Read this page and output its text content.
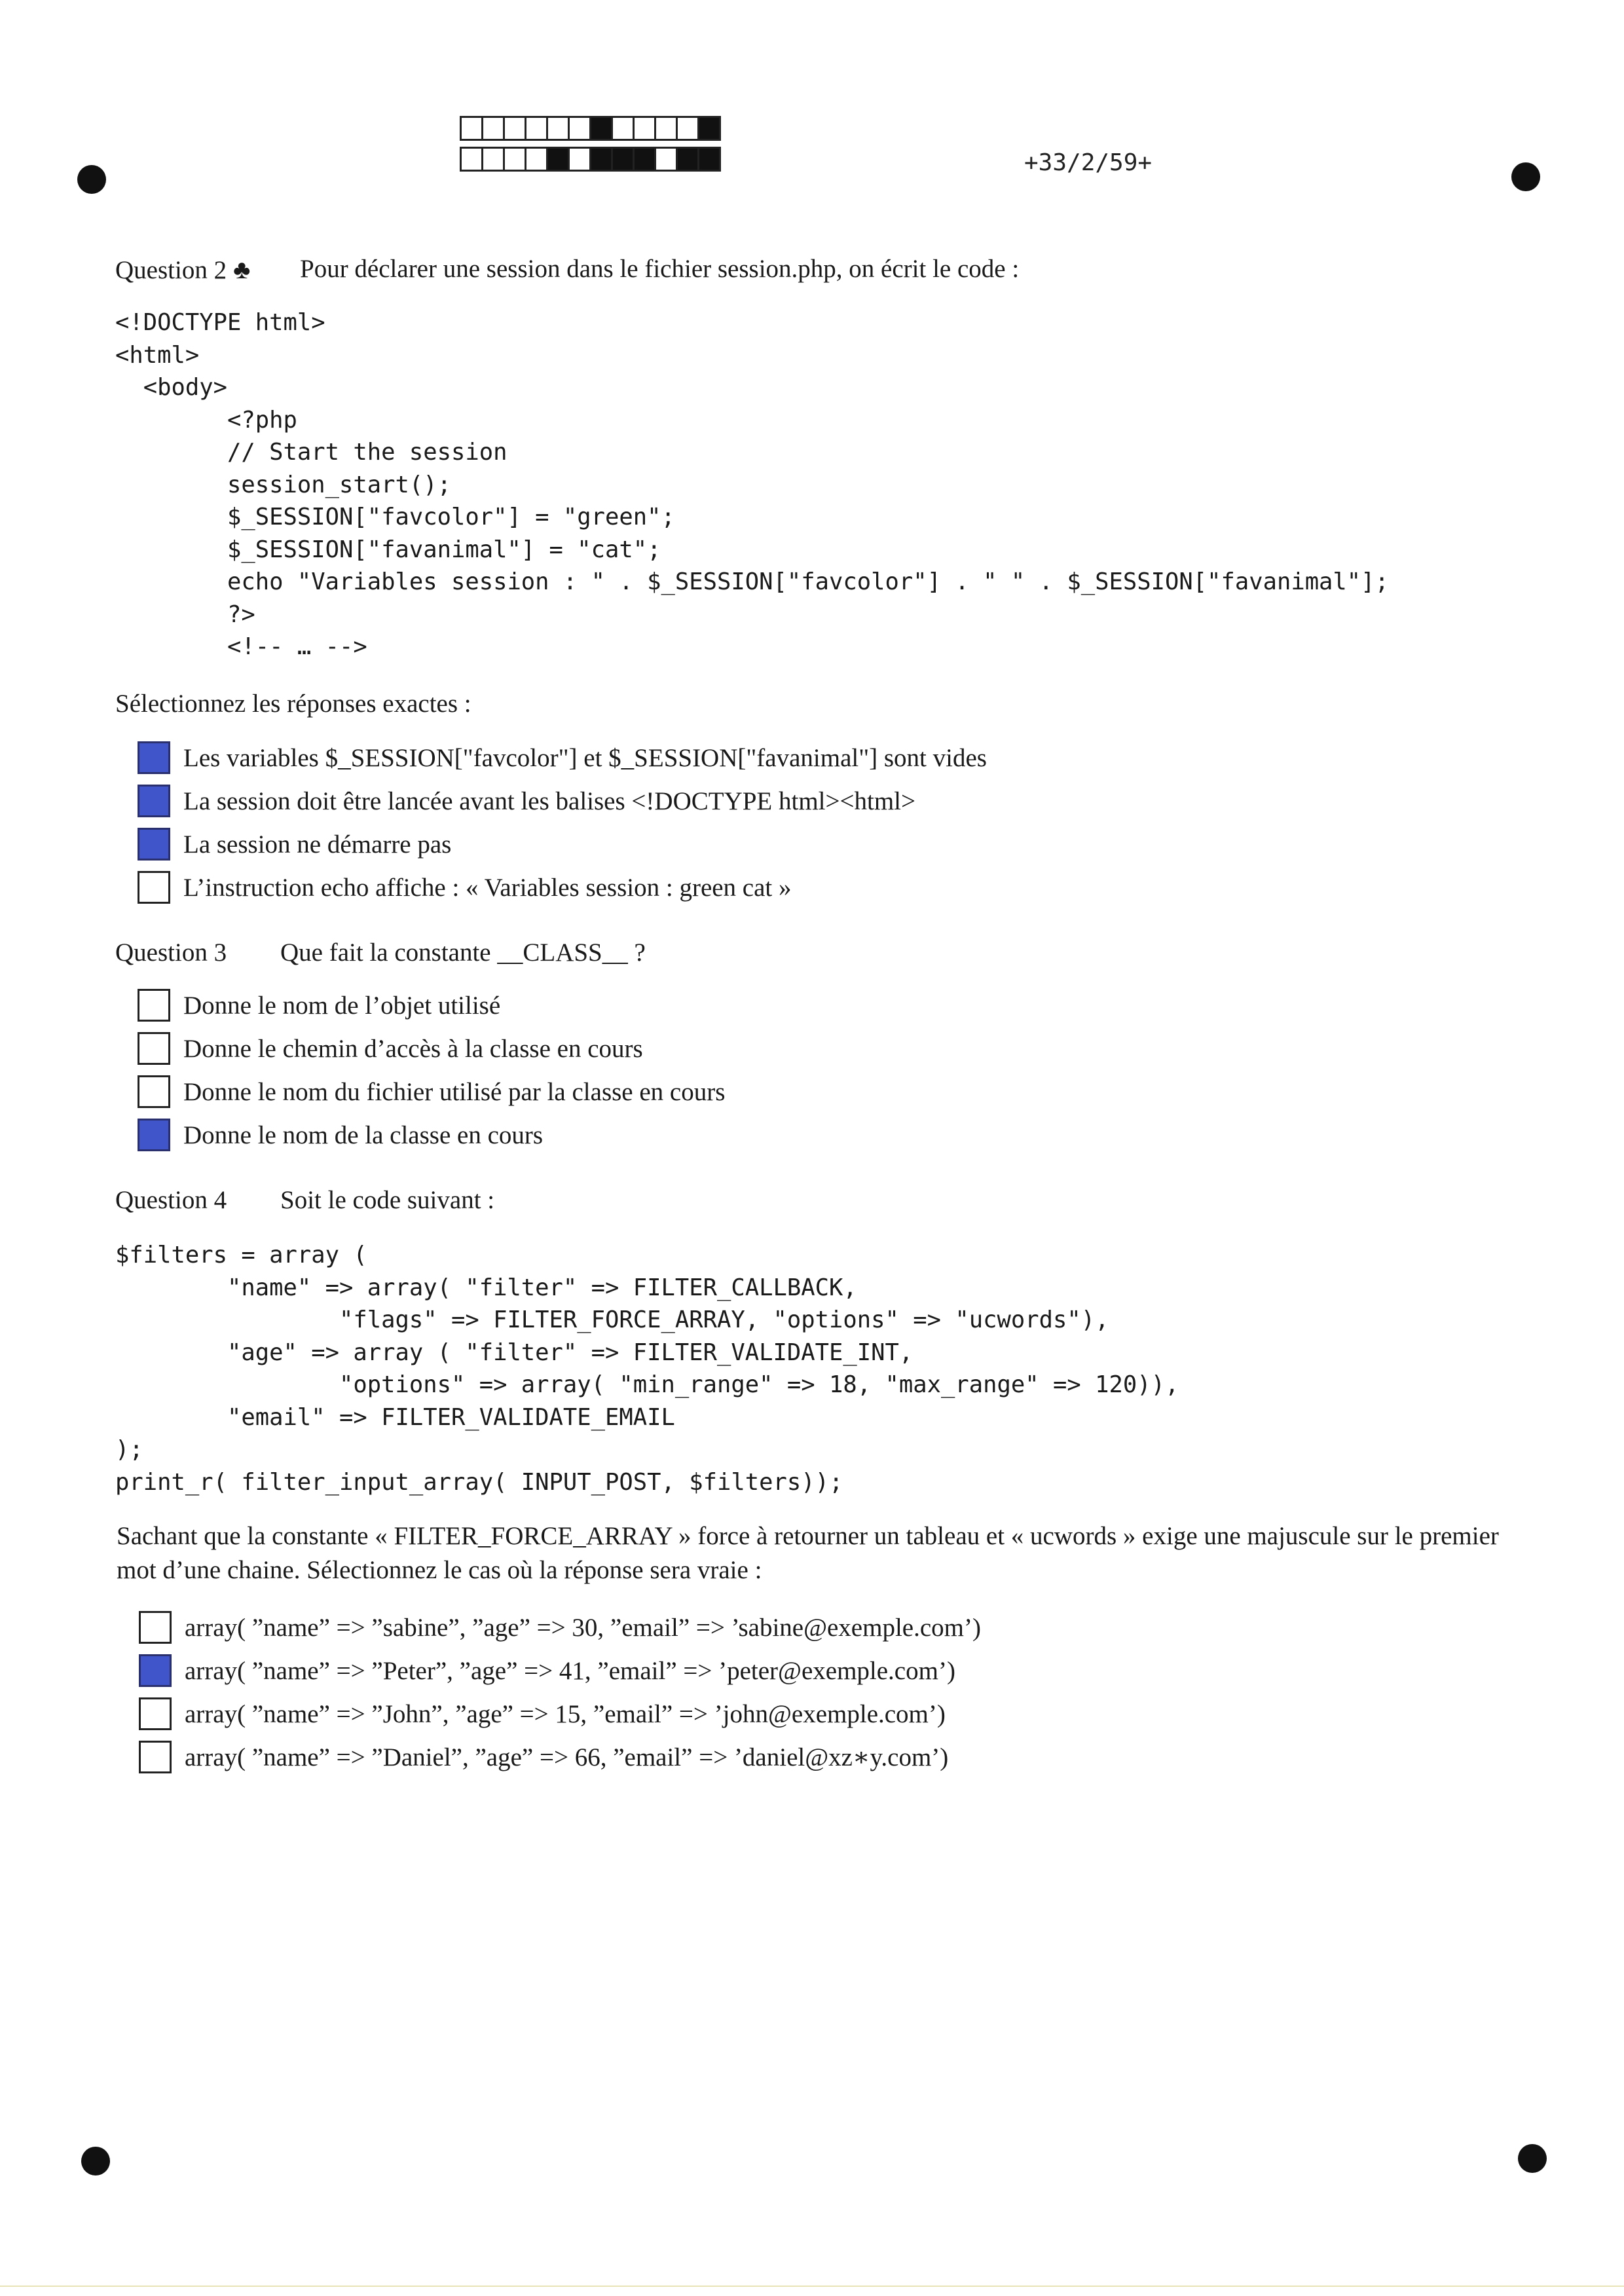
+33/2/59+
Question 2 ♣ Pour déclarer une session dans le fichier session.php, on écrit le code :
<!DOCTYPE html>
<html>
<body>
<?php
// Start the session
session_start();
$_SESSION["favcolor"] = "green";
$_SESSION["favanimal"] = "cat";
echo "Variables session : " . $_SESSION["favcolor"] . " " . $_SESSION["favanimal"];
?>
<!-- … -->
Sélectionnez les réponses exactes :
Les variables $_SESSION["favcolor"] et $_SESSION["favanimal"] sont vides
La session doit être lancée avant les balises <!DOCTYPE html><html>
La session ne démarre pas
L’instruction echo affiche : « Variables session : green cat »
Question 3 Que fait la constante __CLASS__ ?
Donne le nom de l’objet utilisé
Donne le chemin d’accès à la classe en cours
Donne le nom du fichier utilisé par la classe en cours
Donne le nom de la classe en cours
Question 4 Soit le code suivant :
$filters = array (
"name" => array( "filter" => FILTER_CALLBACK,
"flags" => FILTER_FORCE_ARRAY, "options" => "ucwords"),
"age" => array ( "filter" => FILTER_VALIDATE_INT,
"options" => array( "min_range" => 18, "max_range" => 120)),
"email" => FILTER_VALIDATE_EMAIL
);
print_r( filter_input_array( INPUT_POST, $filters));
Sachant que la constante « FILTER_FORCE_ARRAY » force à retourner un tableau et « ucwords » exige une majuscule sur le premier mot d’une chaine. Sélectionnez le cas où la réponse sera vraie :
array( ”name” => ”sabine”, ”age” => 30, ”email” => ’sabine@exemple.com’)
array( ”name” => ”Peter”, ”age” => 41, ”email” => ’peter@exemple.com’)
array( ”name” => ”John”, ”age” => 15, ”email” => ’john@exemple.com’)
array( ”name” => ”Daniel”, ”age” => 66, ”email” => ’daniel@xz∗y.com’)
